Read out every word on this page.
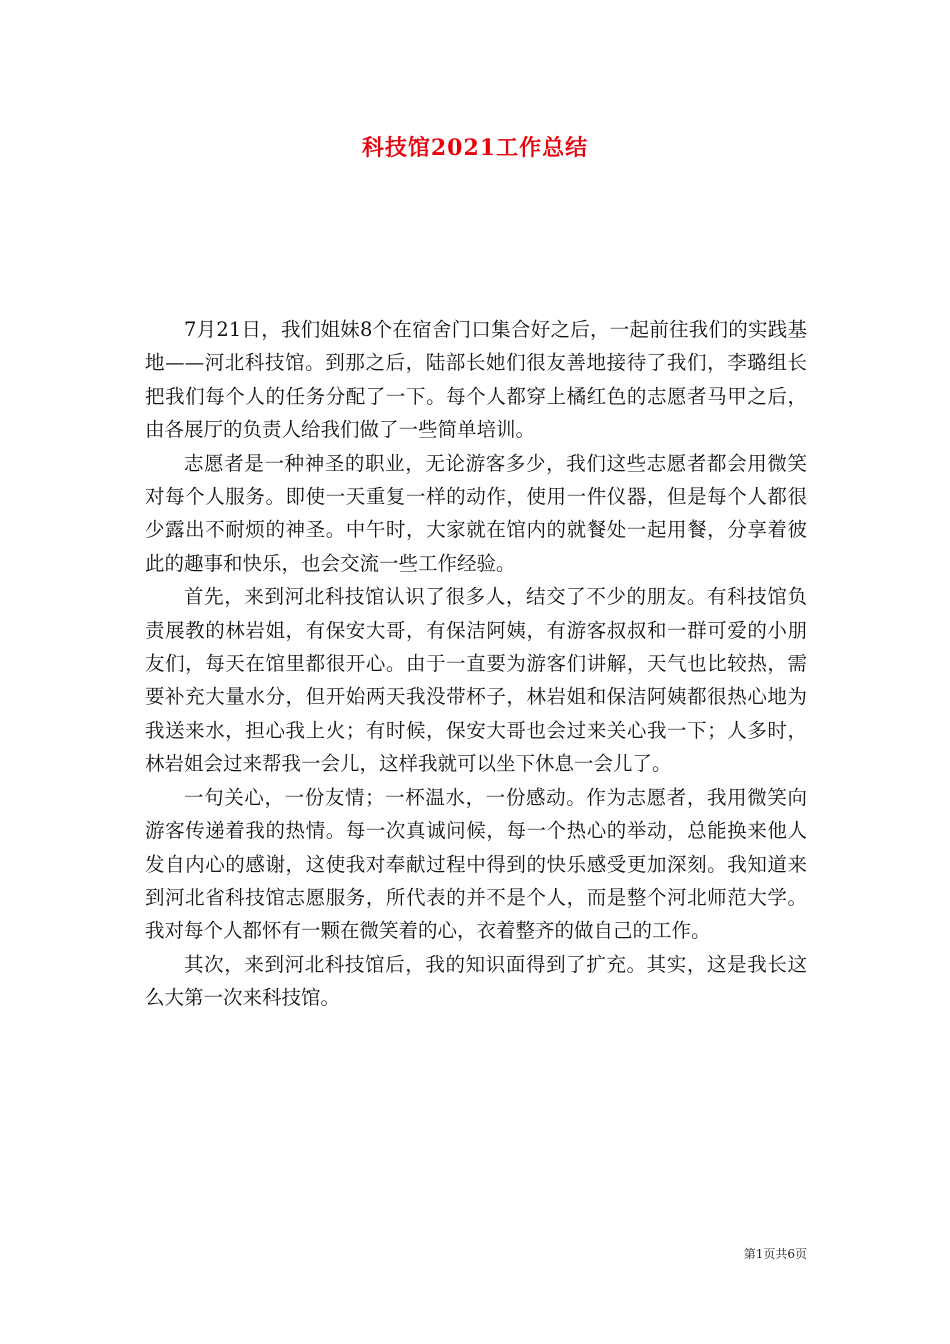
科技馆2021工作总结

7月21日，我们姐妹8个在宿舍门口集合好之后，一起前往我们的实践基地——河北科技馆。到那之后，陆部长她们很友善地接待了我们，李璐组长把我们每个人的任务分配了一下。每个人都穿上橘红色的志愿者马甲之后，由各展厅的负责人给我们做了一些简单培训。

志愿者是一种神圣的职业，无论游客多少，我们这些志愿者都会用微笑对每个人服务。即使一天重复一样的动作，使用一件仪器，但是每个人都很少露出不耐烦的神圣。中午时，大家就在馆内的就餐处一起用餐，分享着彼此的趣事和快乐，也会交流一些工作经验。

首先，来到河北科技馆认识了很多人，结交了不少的朋友。有科技馆负责展教的林岩姐，有保安大哥，有保洁阿姨，有游客叔叔和一群可爱的小朋友们，每天在馆里都很开心。由于一直要为游客们讲解，天气也比较热，需要补充大量水分，但开始两天我没带杯子，林岩姐和保洁阿姨都很热心地为我送来水，担心我上火；有时候，保安大哥也会过来关心我一下；人多时，林岩姐会过来帮我一会儿，这样我就可以坐下休息一会儿了。

一句关心，一份友情；一杯温水，一份感动。作为志愿者，我用微笑向游客传递着我的热情。每一次真诚问候，每一个热心的举动，总能换来他人发自内心的感谢，这使我对奉献过程中得到的快乐感受更加深刻。我知道来到河北省科技馆志愿服务，所代表的并不是个人，而是整个河北师范大学。我对每个人都怀有一颗在微笑着的心，衣着整齐的做自己的工作。

其次，来到河北科技馆后，我的知识面得到了扩充。其实，这是我长这么大第一次来科技馆。

第1页共6页
